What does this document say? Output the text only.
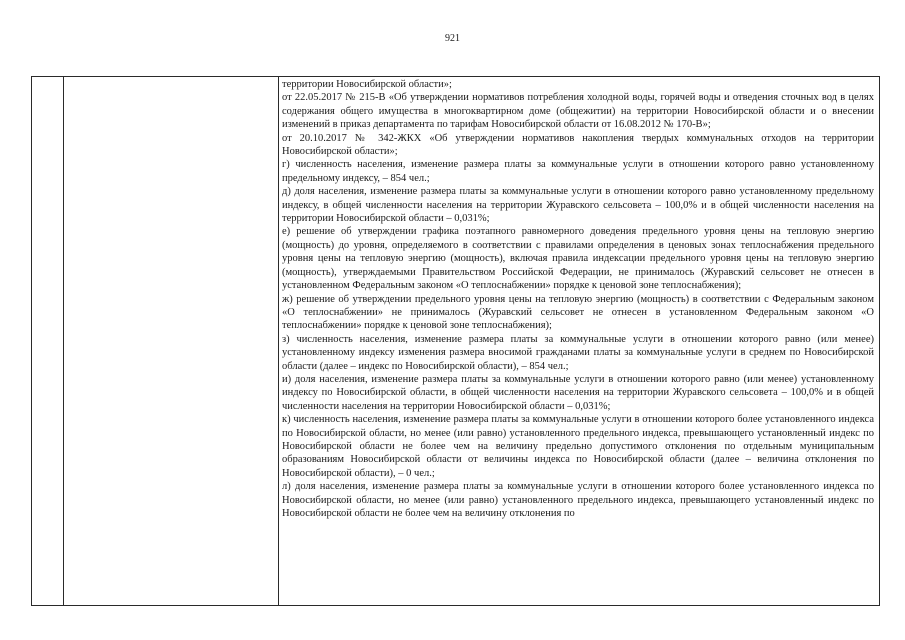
921

территории Новосибирской области»;

от 22.05.2017 № 215-В «Об утверждении нормативов потребления холодной воды, горячей воды и отведения сточных вод в целях содержания общего имущества в многоквартирном доме (общежитии) на территории Новосибирской области и о внесении изменений в приказ департамента по тарифам Новосибирской области от 16.08.2012 № 170-В»;

от 20.10.2017 № 342-ЖКХ «Об утверждении нормативов накопления твердых коммунальных отходов на территории Новосибирской области»;

г) численность населения, изменение размера платы за коммунальные услуги в отношении которого равно установленному предельному индексу, – 854 чел.;

д) доля населения, изменение размера платы за коммунальные услуги в отношении которого равно установленному предельному индексу, в общей численности населения на территории Журавского сельсовета – 100,0% и в общей численности населения на территории Новосибирской области – 0,031%;

е) решение об утверждении графика поэтапного равномерного доведения предельного уровня цены на тепловую энергию (мощность) до уровня, определяемого в соответствии с правилами определения в ценовых зонах теплоснабжения предельного уровня цены на тепловую энергию (мощность), включая правила индексации предельного уровня цены на тепловую энергию (мощность), утверждаемыми Правительством Российской Федерации, не принималось (Журавский сельсовет не отнесен в установленном Федеральным законом «О теплоснабжении» порядке к ценовой зоне теплоснабжения);

ж) решение об утверждении предельного уровня цены на тепловую энергию (мощность) в соответствии с Федеральным законом «О теплоснабжении» не принималось (Журавский сельсовет не отнесен в установленном Федеральным законом «О теплоснабжении» порядке к ценовой зоне теплоснабжения);

з) численность населения, изменение размера платы за коммунальные услуги в отношении которого равно (или менее) установленному индексу изменения размера вносимой гражданами платы за коммунальные услуги в среднем по Новосибирской области (далее – индекс по Новосибирской области), – 854 чел.;

и) доля населения, изменение размера платы за коммунальные услуги в отношении которого равно (или менее) установленному индексу по Новосибирской области, в общей численности населения на территории Журавского сельсовета – 100,0% и в общей численности населения на территории Новосибирской области – 0,031%;

к) численность населения, изменение размера платы за коммунальные услуги в отношении которого более установленного индекса по Новосибирской области, но менее (или равно) установленного предельного индекса, превышающего установленный индекс по Новосибирской области не более чем на величину предельно допустимого отклонения по отдельным муниципальным образованиям Новосибирской области от величины индекса по Новосибирской области (далее – величина отклонения по Новосибирской области), – 0 чел.;

л) доля населения, изменение размера платы за коммунальные услуги в отношении которого более установленного индекса по Новосибирской области, но менее (или равно) установленного предельного индекса, превышающего установленный индекс по Новосибирской области не более чем на величину отклонения по
